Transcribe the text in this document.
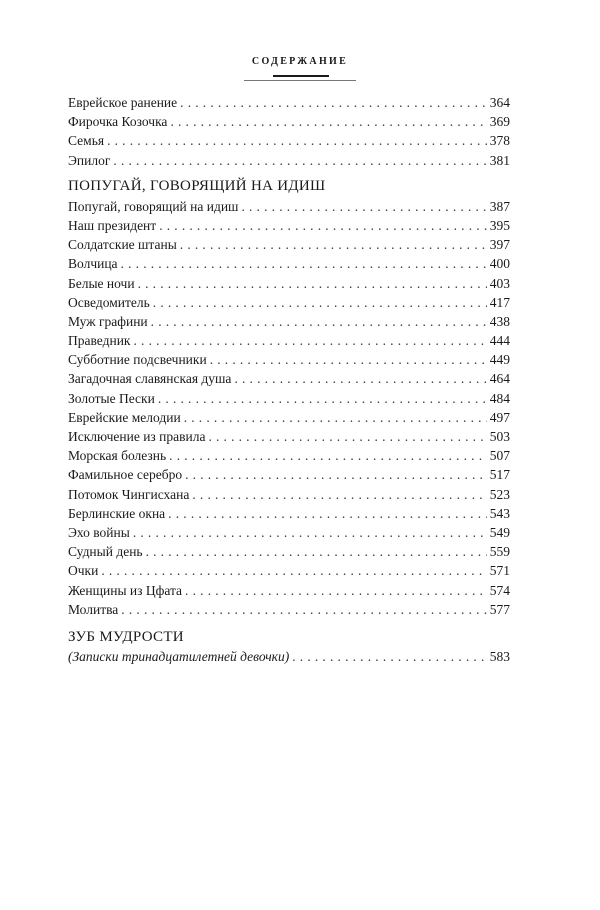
СОДЕРЖАНИЕ
Еврейское ранение . . .	364
Фирочка Козочка . . .	369
Семья . . .	378
Эпилог . . .	381
ПОПУГАЙ, ГОВОРЯЩИЙ НА ИДИШ
Попугай, говорящий на идиш . . .	387
Наш президент . . .	395
Солдатские штаны . . .	397
Волчица . . .	400
Белые ночи . . .	403
Осведомитель . . .	417
Муж графини . . .	438
Праведник . . .	444
Субботние подсвечники . . .	449
Загадочная славянская душа . . .	464
Золотые Пески . . .	484
Еврейские мелодии . . .	497
Исключение из правила . . .	503
Морская болезнь . . .	507
Фамильное серебро . . .	517
Потомок Чингисхана . . .	523
Берлинские окна . . .	543
Эхо войны . . .	549
Судный день . . .	559
Очки . . .	571
Женщины из Цфата . . .	574
Молитва . . .	577
ЗУБ МУДРОСТИ
(Записки тринадцатилетней девочки) . . .	583
